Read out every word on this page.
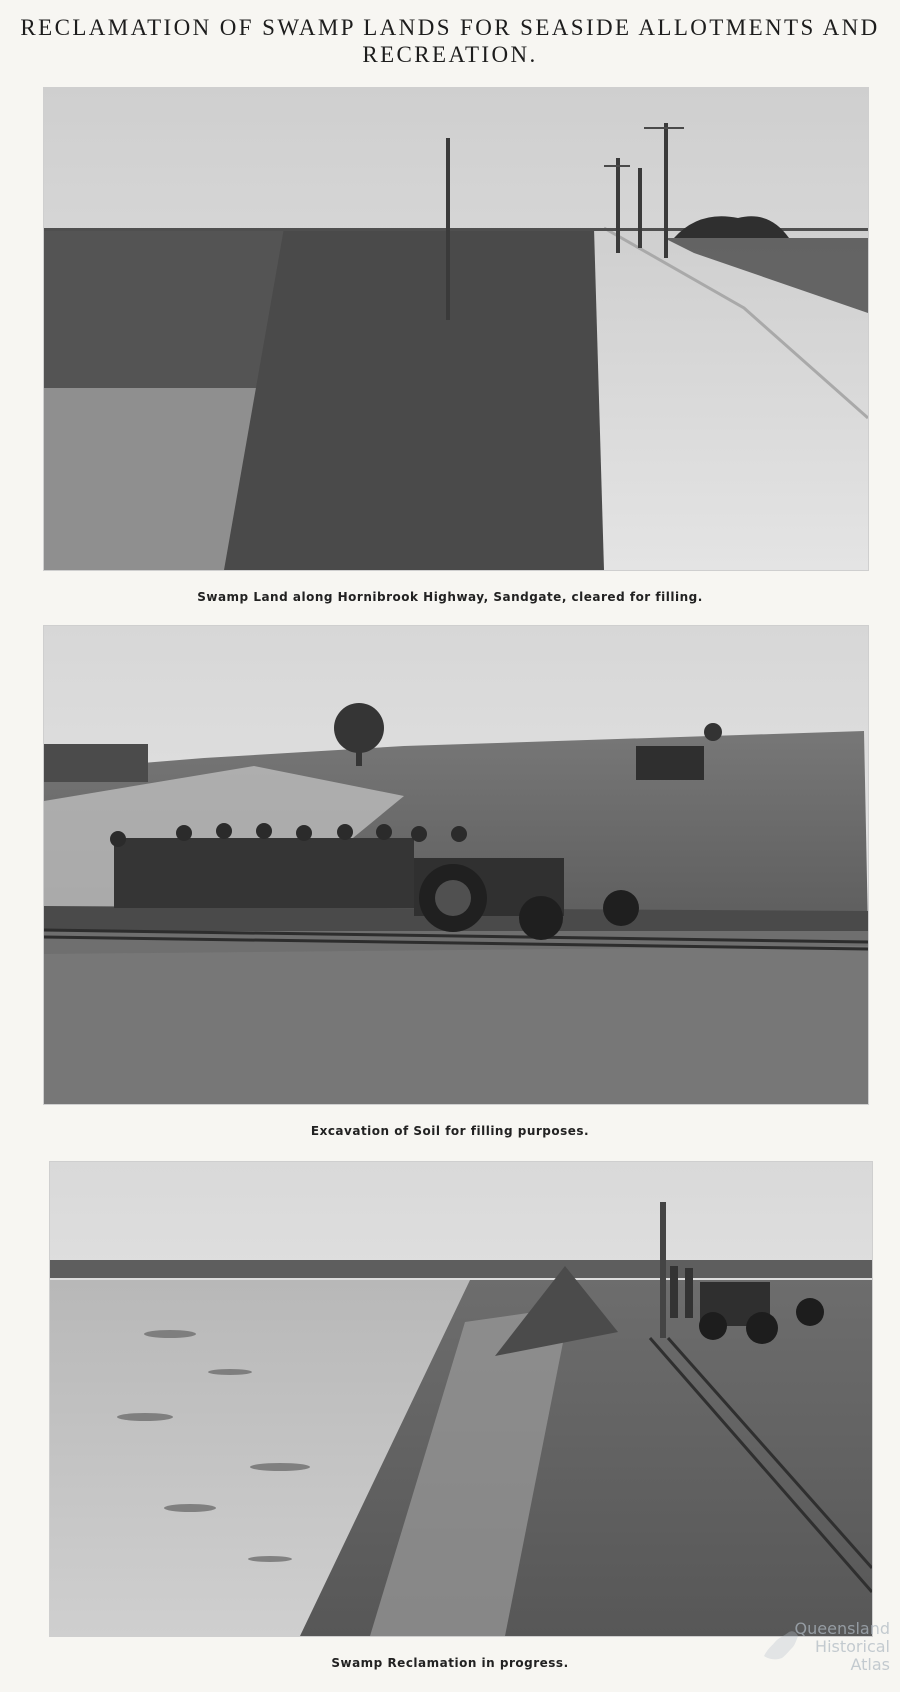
RECLAMATION OF SWAMP LANDS FOR SEASIDE ALLOTMENTS AND RECREATION.
Swamp Land along Hornibrook Highway, Sandgate, cleared for filling.
Excavation of Soil for filling purposes.
Swamp Reclamation in progress.
Queensland
Historical
Atlas
